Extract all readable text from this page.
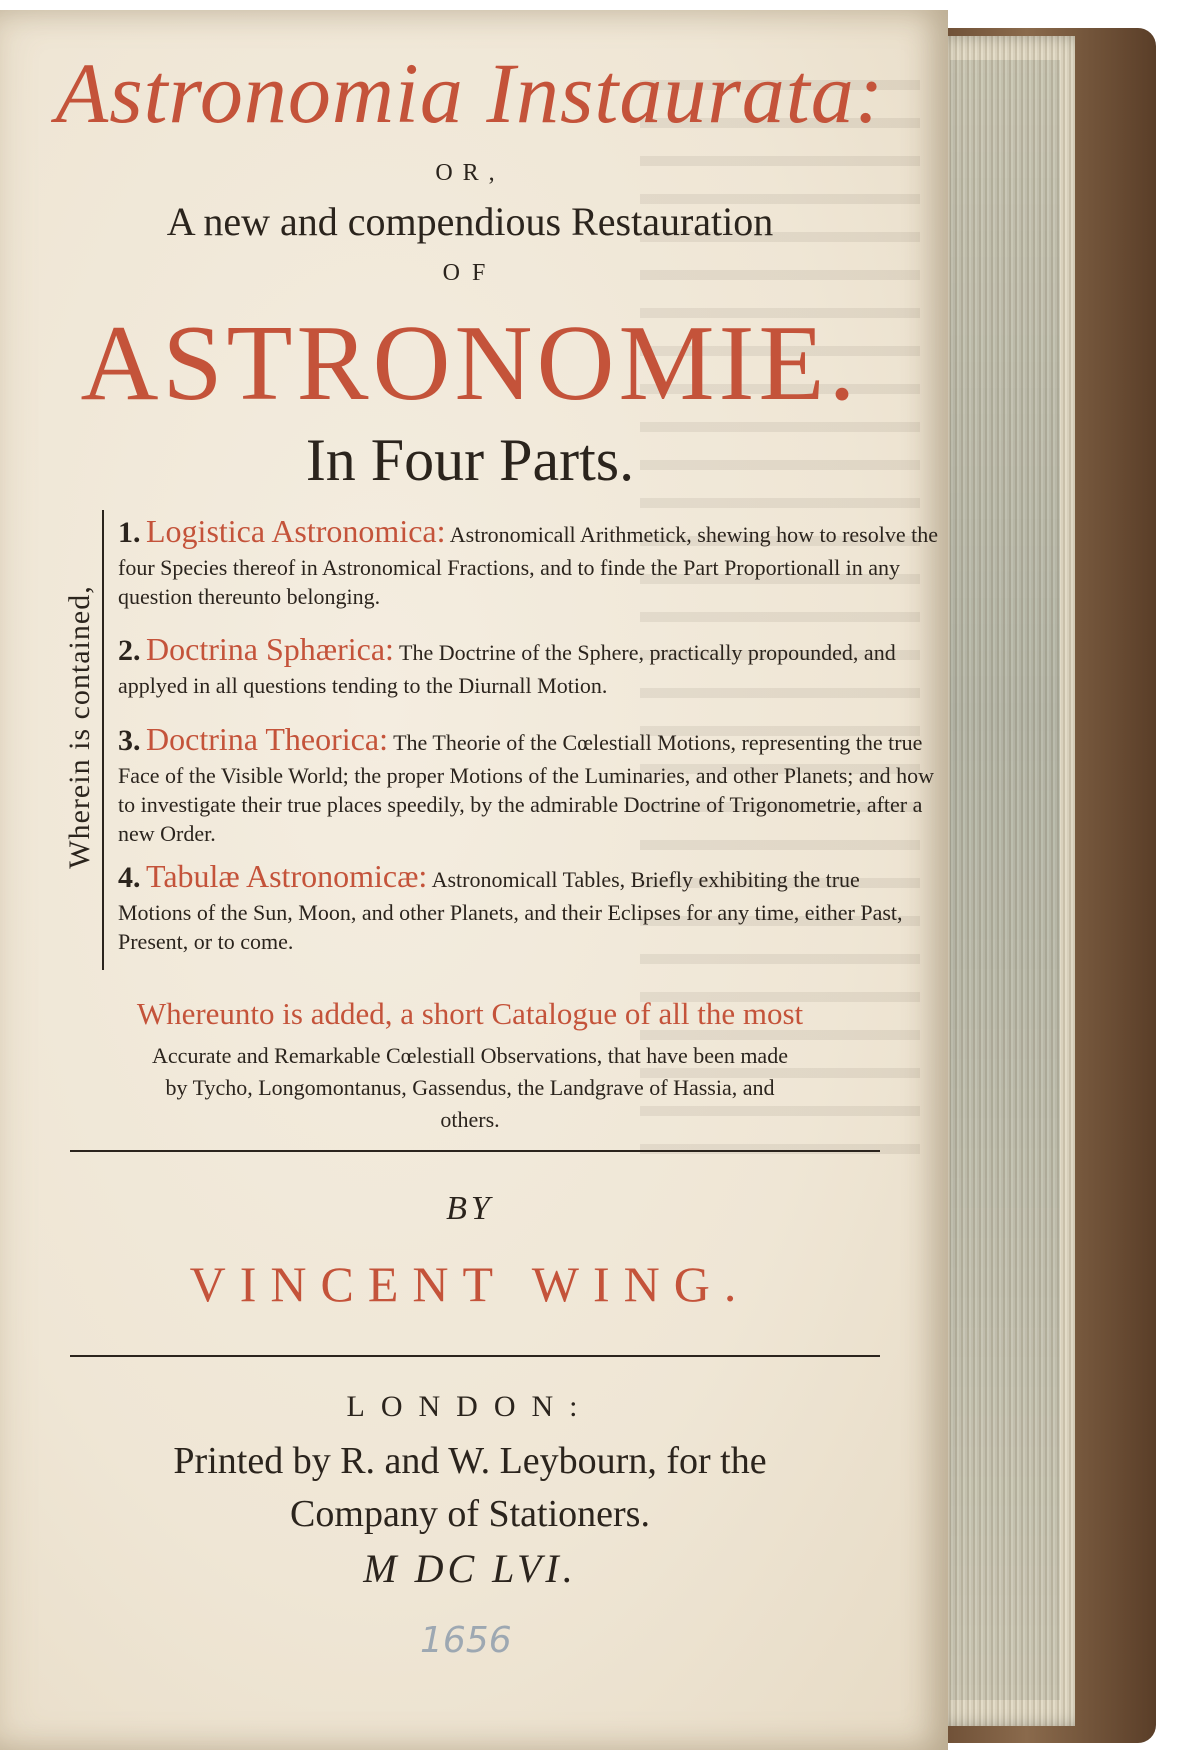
Astronomia Instaurata:
OR,
A new and compendious Restauration
OF
ASTRONOMIE.
In Four Parts.
Wherein is contained,
1. Logistica Astronomica: Astronomicall Arithmetick, shewing how to resolve the four Species thereof in Astronomical Fractions, and to finde the Part Proportionall in any question thereunto belonging.
2. Doctrina Sphærica: The Doctrine of the Sphere, practically propounded, and applyed in all questions tending to the Diurnall Motion.
3. Doctrina Theorica: The Theorie of the Cœlestiall Motions, representing the true Face of the Visible World; the proper Motions of the Luminaries, and other Planets; and how to investigate their true places speedily, by the admirable Doctrine of Trigonometrie, after a new Order.
4. Tabulæ Astronomicæ: Astronomicall Tables, Briefly exhibiting the true Motions of the Sun, Moon, and other Planets, and their Eclipses for any time, either Past, Present, or to come.
Whereunto is added, a short Catalogue of all the most
Accurate and Remarkable Cœlestiall Observations, that have been made by Tycho, Longomontanus, Gassendus, the Landgrave of Hassia, and others.
BY
VINCENT WING.
LONDON:
Printed by R. and W. Leybourn, for the
Company of Stationers.
M DC LVI.
1656
